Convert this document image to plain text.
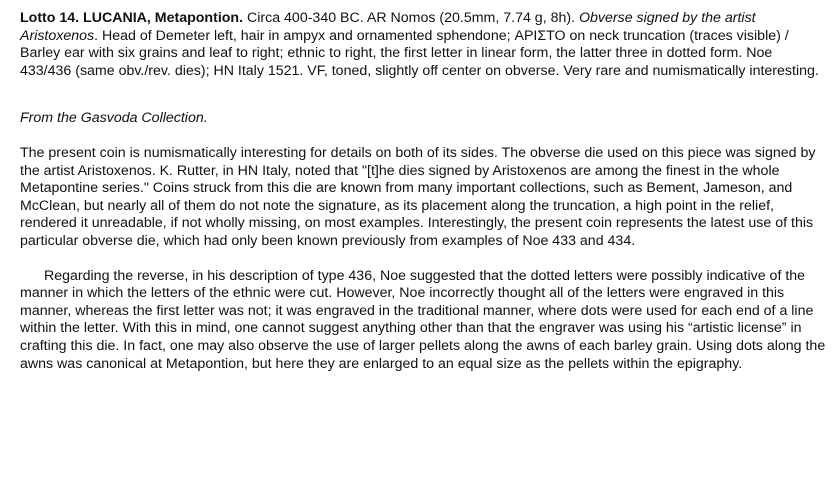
Lotto 14. LUCANIA, Metapontion. Circa 400-340 BC. AR Nomos (20.5mm, 7.74 g, 8h). Obverse signed by the artist Aristoxenos. Head of Demeter left, hair in ampyx and ornamented sphendone; ΑΡΙΣΤΟ on neck truncation (traces visible) / Barley ear with six grains and leaf to right; ethnic to right, the first letter in linear form, the latter three in dotted form. Noe 433/436 (same obv./rev. dies); HN Italy 1521. VF, toned, slightly off center on obverse. Very rare and numismatically interesting.

From the Gasvoda Collection.

The present coin is numismatically interesting for details on both of its sides. The obverse die used on this piece was signed by the artist Aristoxenos. K. Rutter, in HN Italy, noted that "[t]he dies signed by Aristoxenos are among the finest in the whole Metapontine series." Coins struck from this die are known from many important collections, such as Bement, Jameson, and McClean, but nearly all of them do not note the signature, as its placement along the truncation, a high point in the relief, rendered it unreadable, if not wholly missing, on most examples. Interestingly, the present coin represents the latest use of this particular obverse die, which had only been known previously from examples of Noe 433 and 434.

Regarding the reverse, in his description of type 436, Noe suggested that the dotted letters were possibly indicative of the manner in which the letters of the ethnic were cut. However, Noe incorrectly thought all of the letters were engraved in this manner, whereas the first letter was not; it was engraved in the traditional manner, where dots were used for each end of a line within the letter. With this in mind, one cannot suggest anything other than that the engraver was using his “artistic license” in crafting this die. In fact, one may also observe the use of larger pellets along the awns of each barley grain. Using dots along the awns was canonical at Metapontion, but here they are enlarged to an equal size as the pellets within the epigraphy.
